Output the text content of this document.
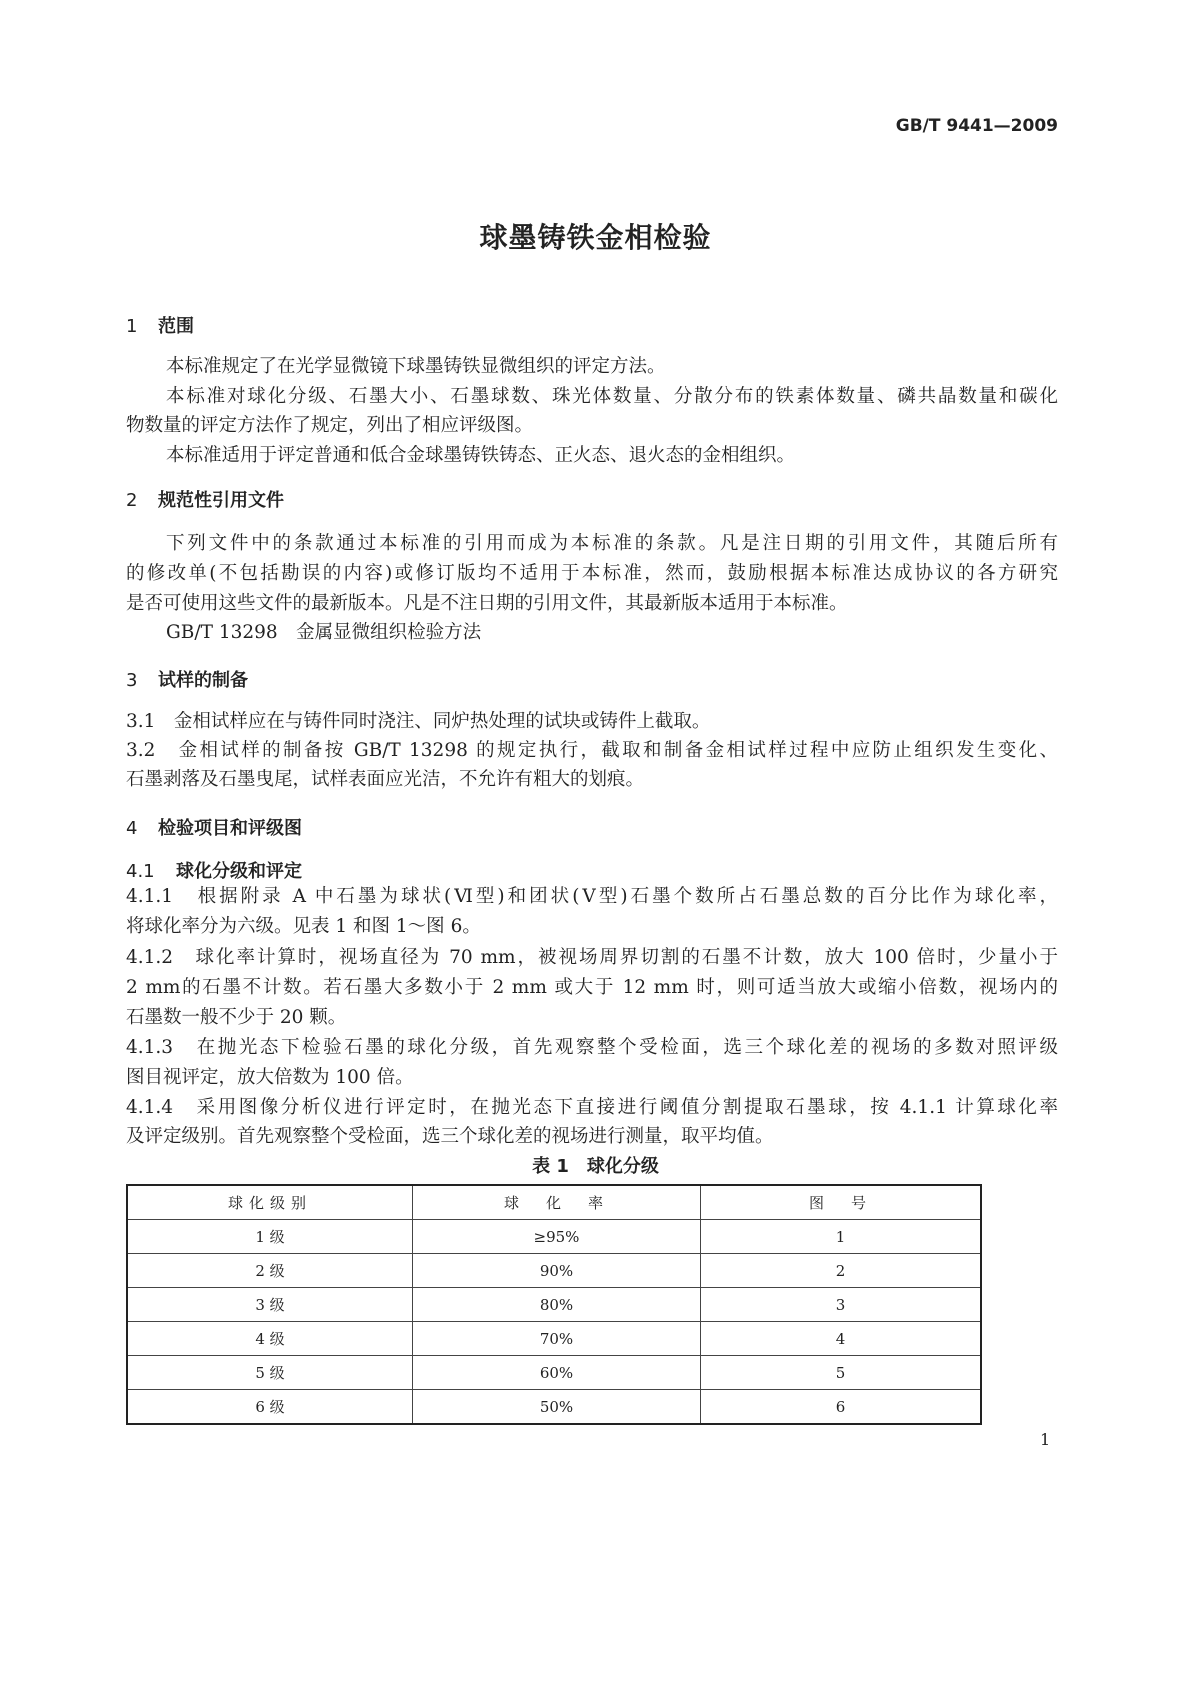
GB/T 9441—2009
球墨铸铁金相检验
1 范围
本标准规定了在光学显微镜下球墨铸铁显微组织的评定方法。
本标准对球化分级、石墨大小、石墨球数、珠光体数量、分散分布的铁素体数量、磷共晶数量和碳化
物数量的评定方法作了规定，列出了相应评级图。
本标准适用于评定普通和低合金球墨铸铁铸态、正火态、退火态的金相组织。
2 规范性引用文件
下列文件中的条款通过本标准的引用而成为本标准的条款。凡是注日期的引用文件，其随后所有
的修改单(不包括勘误的内容)或修订版均不适用于本标准，然而，鼓励根据本标准达成协议的各方研究
是否可使用这些文件的最新版本。凡是不注日期的引用文件，其最新版本适用于本标准。
GB/T 13298　金属显微组织检验方法
3 试样的制备
3.1　金相试样应在与铸件同时浇注、同炉热处理的试块或铸件上截取。
3.2　金相试样的制备按 GB/T 13298 的规定执行，截取和制备金相试样过程中应防止组织发生变化、
石墨剥落及石墨曳尾，试样表面应光洁，不允许有粗大的划痕。
4 检验项目和评级图
4.1 球化分级和评定
4.1.1　根据附录 A 中石墨为球状(Ⅵ型)和团状(Ⅴ型)石墨个数所占石墨总数的百分比作为球化率，
将球化率分为六级。见表 1 和图 1～图 6。
4.1.2　球化率计算时，视场直径为 70 mm，被视场周界切割的石墨不计数，放大 100 倍时，少量小于
2 mm的石墨不计数。若石墨大多数小于 2 mm 或大于 12 mm 时，则可适当放大或缩小倍数，视场内的
石墨数一般不少于 20 颗。
4.1.3　在抛光态下检验石墨的球化分级，首先观察整个受检面，选三个球化差的视场的多数对照评级
图目视评定，放大倍数为 100 倍。
4.1.4　采用图像分析仪进行评定时，在抛光态下直接进行阈值分割提取石墨球，按 4.1.1 计算球化率
及评定级别。首先观察整个受检面，选三个球化差的视场进行测量，取平均值。
表 1　球化分级
球化级别	球　化　率	图　号
1 级	≥95%	1
2 级	90%	2
3 级	80%	3
4 级	70%	4
5 级	60%	5
6 级	50%	6
1
